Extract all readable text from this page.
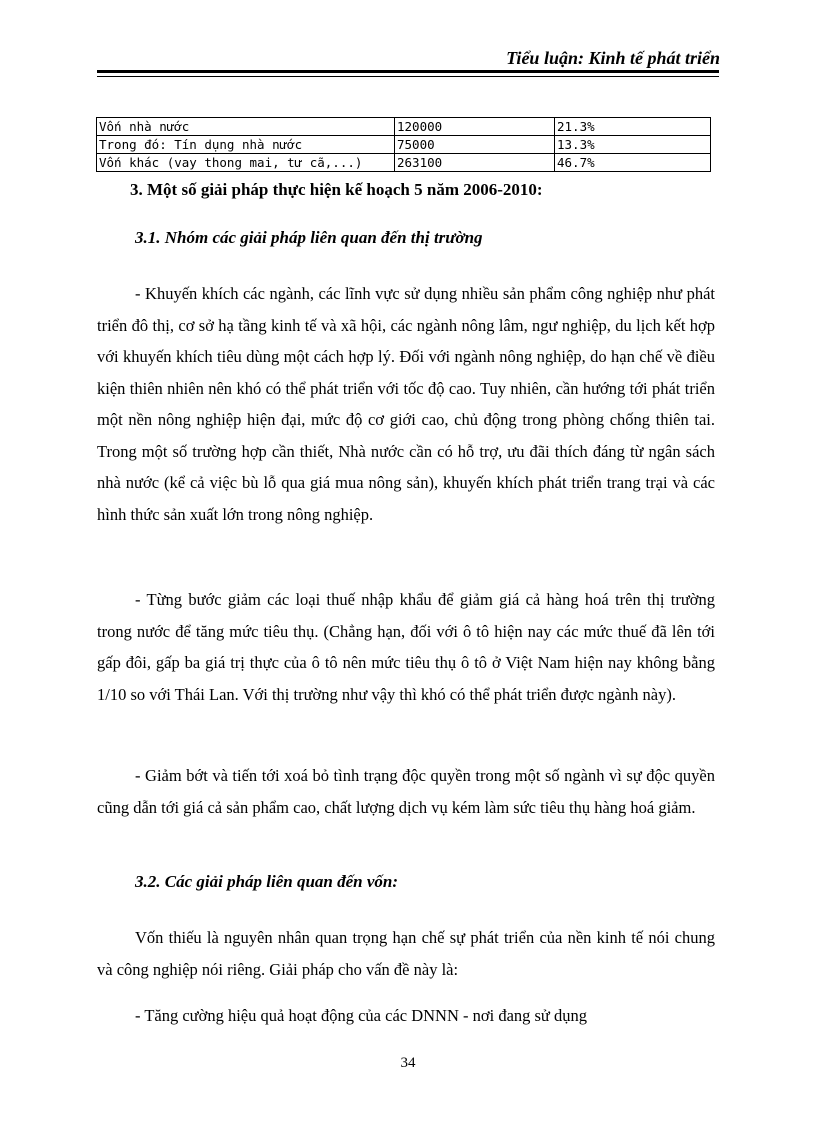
Tiểu luận: Kinh tế phát triển
Vốn nhà nước	120000	21.3%
Trong đó: Tín dụng nhà nước	75000	13.3%
Vốn khác (vay thong mai, tư cã,...)	263100	46.7%
3. Một số giải pháp thực hiện kế hoạch 5 năm 2006-2010:
3.1. Nhóm các giải pháp liên quan đến thị trường

- Khuyến khích các ngành, các lĩnh vực sử dụng nhiều sản phẩm công nghiệp như phát triển đô thị, cơ sở hạ tầng kinh tế và xã hội, các ngành nông lâm, ngư nghiệp, du lịch kết hợp với khuyến khích tiêu dùng một cách hợp lý. Đối với ngành nông nghiệp, do hạn chế về điều kiện thiên nhiên nên khó có thể phát triển với tốc độ cao. Tuy nhiên, cần hướng tới phát triển một nền nông nghiệp hiện đại, mức độ cơ giới cao, chủ động trong phòng chống thiên tai. Trong một số trường hợp cần thiết, Nhà nước cần có hỗ trợ, ưu đãi thích đáng từ ngân sách nhà nước (kể cả việc bù lỗ qua giá mua nông sản), khuyến khích phát triển trang trại và các hình thức sản xuất lớn trong nông nghiệp.

- Từng bước giảm các loại thuế nhập khẩu để giảm giá cả hàng hoá trên thị trường trong nước để tăng mức tiêu thụ. (Chẳng hạn, đối với ô tô hiện nay các mức thuế đã lên tới gấp đôi, gấp ba giá trị thực của ô tô nên mức tiêu thụ ô tô ở Việt Nam hiện nay không bằng 1/10 so với Thái Lan. Với thị trường như vậy thì khó có thể phát triển được ngành này).

- Giảm bớt và tiến tới xoá bỏ tình trạng độc quyền trong một số ngành vì sự độc quyền cũng dẫn tới giá cả sản phẩm cao, chất lượng dịch vụ kém làm sức tiêu thụ hàng hoá giảm.

3.2. Các giải pháp liên quan đến vốn:

Vốn thiếu là nguyên nhân quan trọng hạn chế sự phát triển của nền kinh tế nói chung và công nghiệp nói riêng. Giải pháp cho vấn đề này là:

- Tăng cường hiệu quả hoạt động của các DNNN - nơi đang sử dụng

34
